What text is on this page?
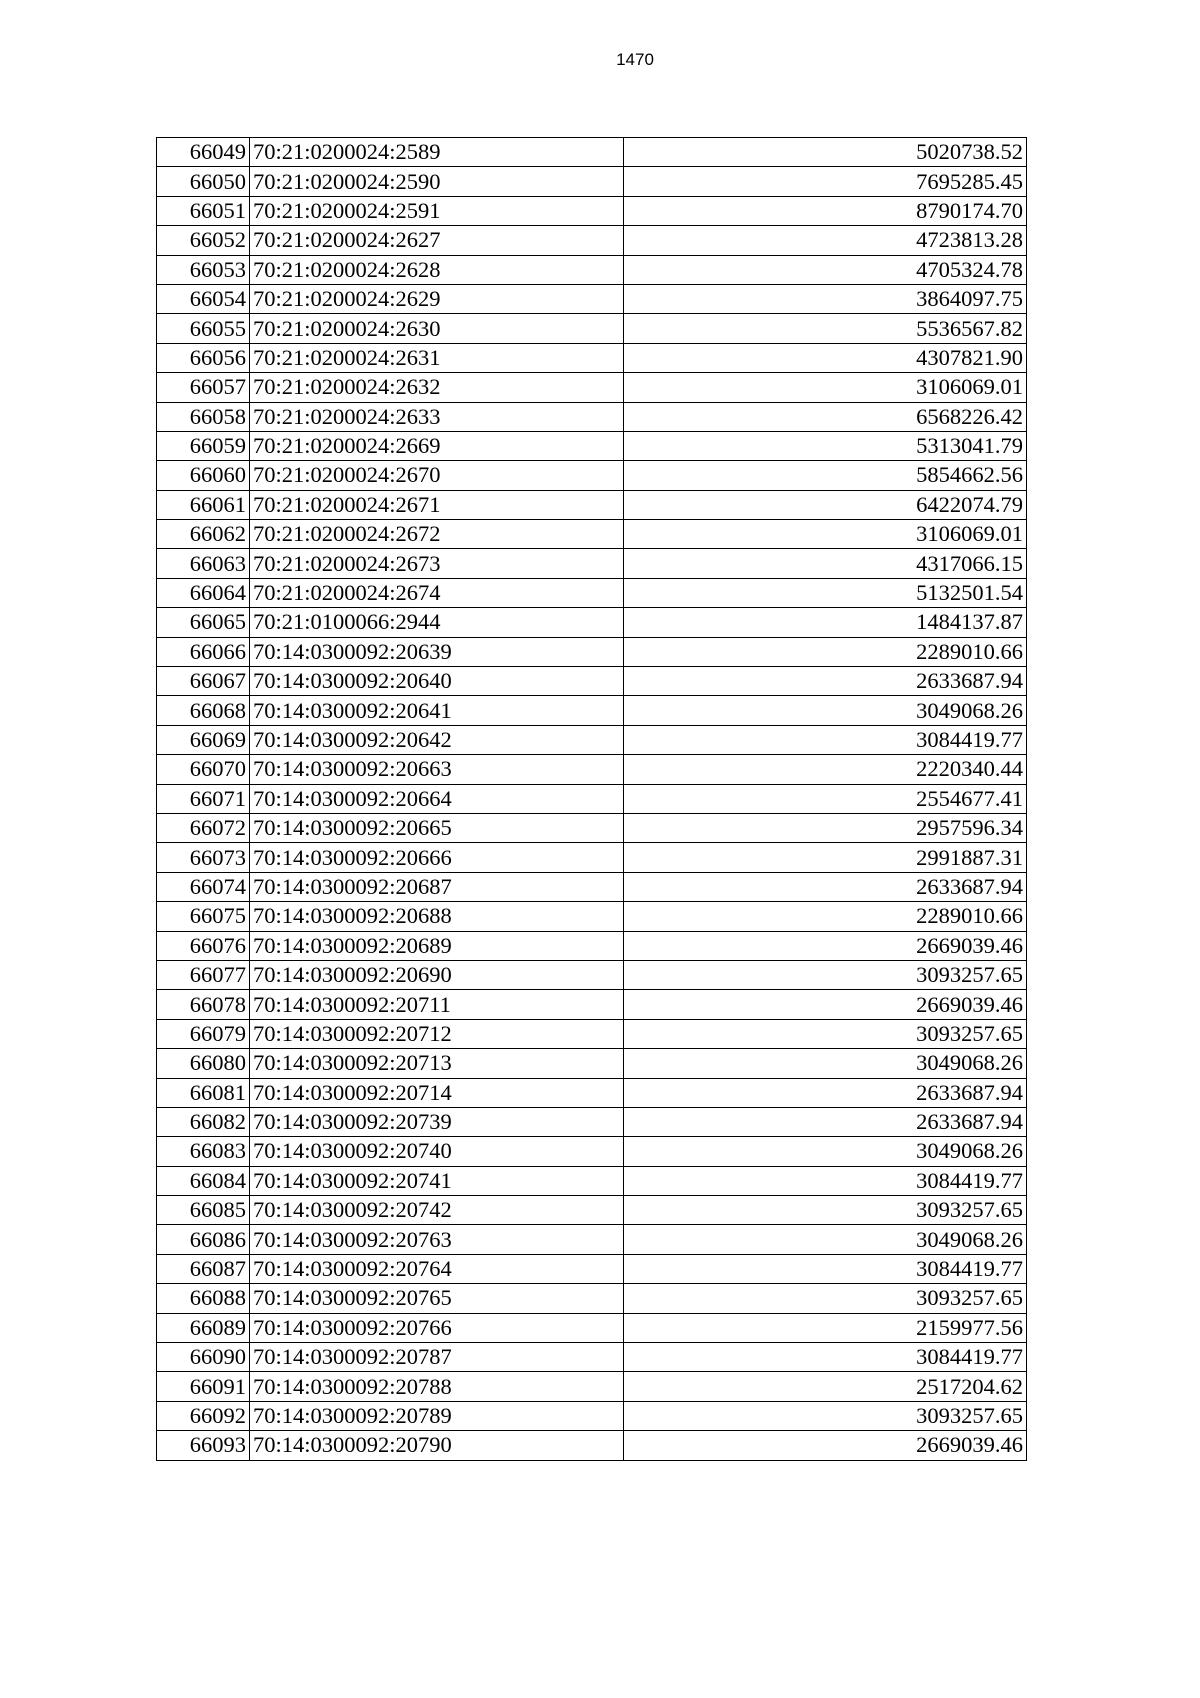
1470
66049	70:21:0200024:2589	5020738.52
66050	70:21:0200024:2590	7695285.45
66051	70:21:0200024:2591	8790174.70
66052	70:21:0200024:2627	4723813.28
66053	70:21:0200024:2628	4705324.78
66054	70:21:0200024:2629	3864097.75
66055	70:21:0200024:2630	5536567.82
66056	70:21:0200024:2631	4307821.90
66057	70:21:0200024:2632	3106069.01
66058	70:21:0200024:2633	6568226.42
66059	70:21:0200024:2669	5313041.79
66060	70:21:0200024:2670	5854662.56
66061	70:21:0200024:2671	6422074.79
66062	70:21:0200024:2672	3106069.01
66063	70:21:0200024:2673	4317066.15
66064	70:21:0200024:2674	5132501.54
66065	70:21:0100066:2944	1484137.87
66066	70:14:0300092:20639	2289010.66
66067	70:14:0300092:20640	2633687.94
66068	70:14:0300092:20641	3049068.26
66069	70:14:0300092:20642	3084419.77
66070	70:14:0300092:20663	2220340.44
66071	70:14:0300092:20664	2554677.41
66072	70:14:0300092:20665	2957596.34
66073	70:14:0300092:20666	2991887.31
66074	70:14:0300092:20687	2633687.94
66075	70:14:0300092:20688	2289010.66
66076	70:14:0300092:20689	2669039.46
66077	70:14:0300092:20690	3093257.65
66078	70:14:0300092:20711	2669039.46
66079	70:14:0300092:20712	3093257.65
66080	70:14:0300092:20713	3049068.26
66081	70:14:0300092:20714	2633687.94
66082	70:14:0300092:20739	2633687.94
66083	70:14:0300092:20740	3049068.26
66084	70:14:0300092:20741	3084419.77
66085	70:14:0300092:20742	3093257.65
66086	70:14:0300092:20763	3049068.26
66087	70:14:0300092:20764	3084419.77
66088	70:14:0300092:20765	3093257.65
66089	70:14:0300092:20766	2159977.56
66090	70:14:0300092:20787	3084419.77
66091	70:14:0300092:20788	2517204.62
66092	70:14:0300092:20789	3093257.65
66093	70:14:0300092:20790	2669039.46
